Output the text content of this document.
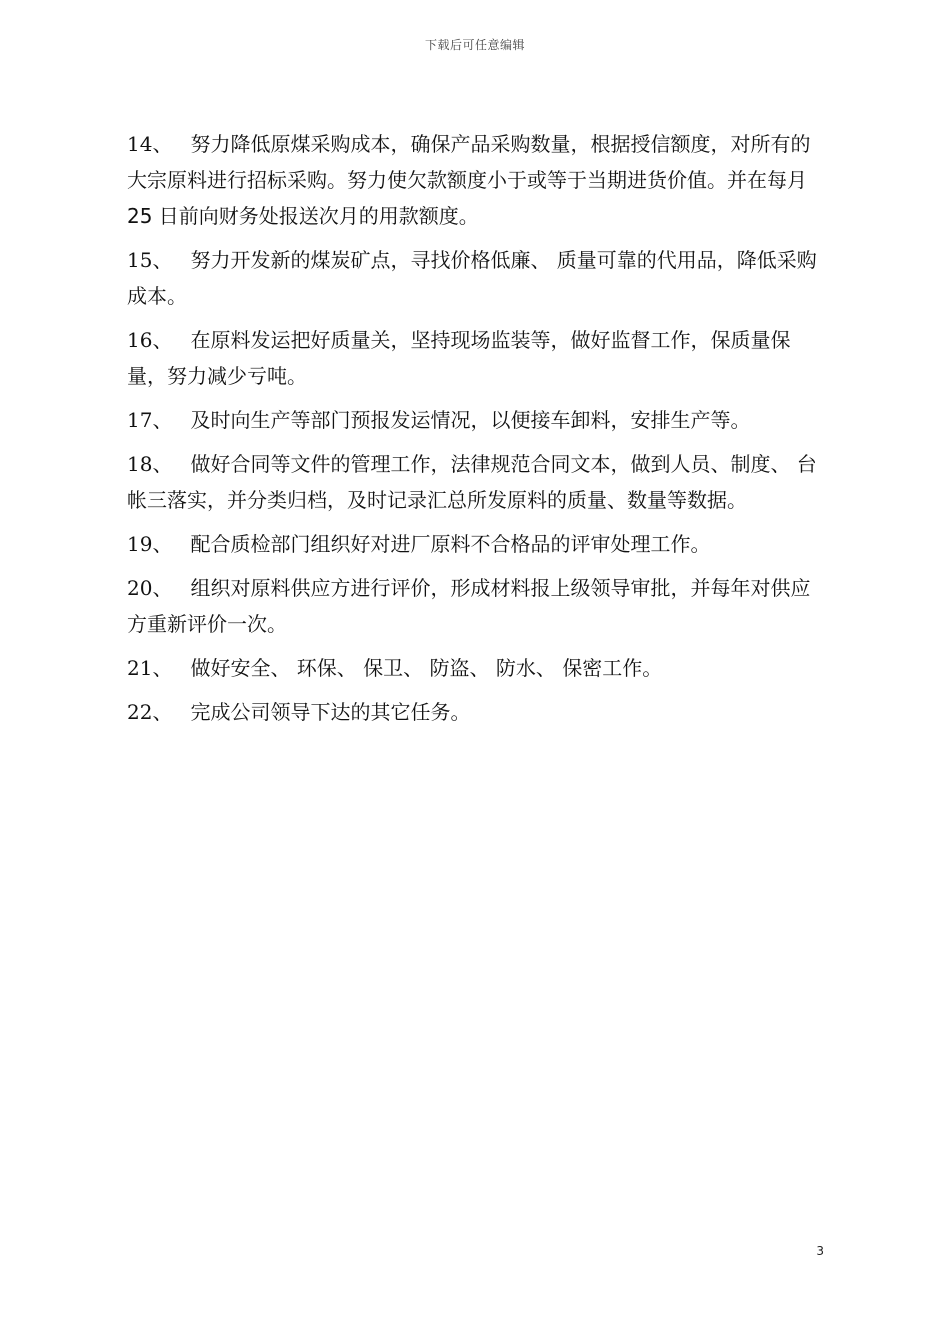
下载后可任意编辑

14、 努力降低原煤采购成本，确保产品采购数量，根据授信额度，对所有的大宗原料进行招标采购。努力使欠款额度小于或等于当期进货价值。并在每月 25 日前向财务处报送次月的用款额度。

15、 努力开发新的煤炭矿点，寻找价格低廉、 质量可靠的代用品，降低采购成本。

16、 在原料发运把好质量关，坚持现场监装等，做好监督工作，保质量保量，努力减少亏吨。

17、 及时向生产等部门预报发运情况，以便接车卸料，安排生产等。

18、 做好合同等文件的管理工作，法律规范合同文本，做到人员、制度、 台帐三落实，并分类归档，及时记录汇总所发原料的质量、数量等数据。

19、 配合质检部门组织好对进厂原料不合格品的评审处理工作。

20、 组织对原料供应方进行评价，形成材料报上级领导审批，并每年对供应方重新评价一次。

21、 做好安全、 环保、 保卫、 防盗、 防水、 保密工作。

22、 完成公司领导下达的其它任务。

3
